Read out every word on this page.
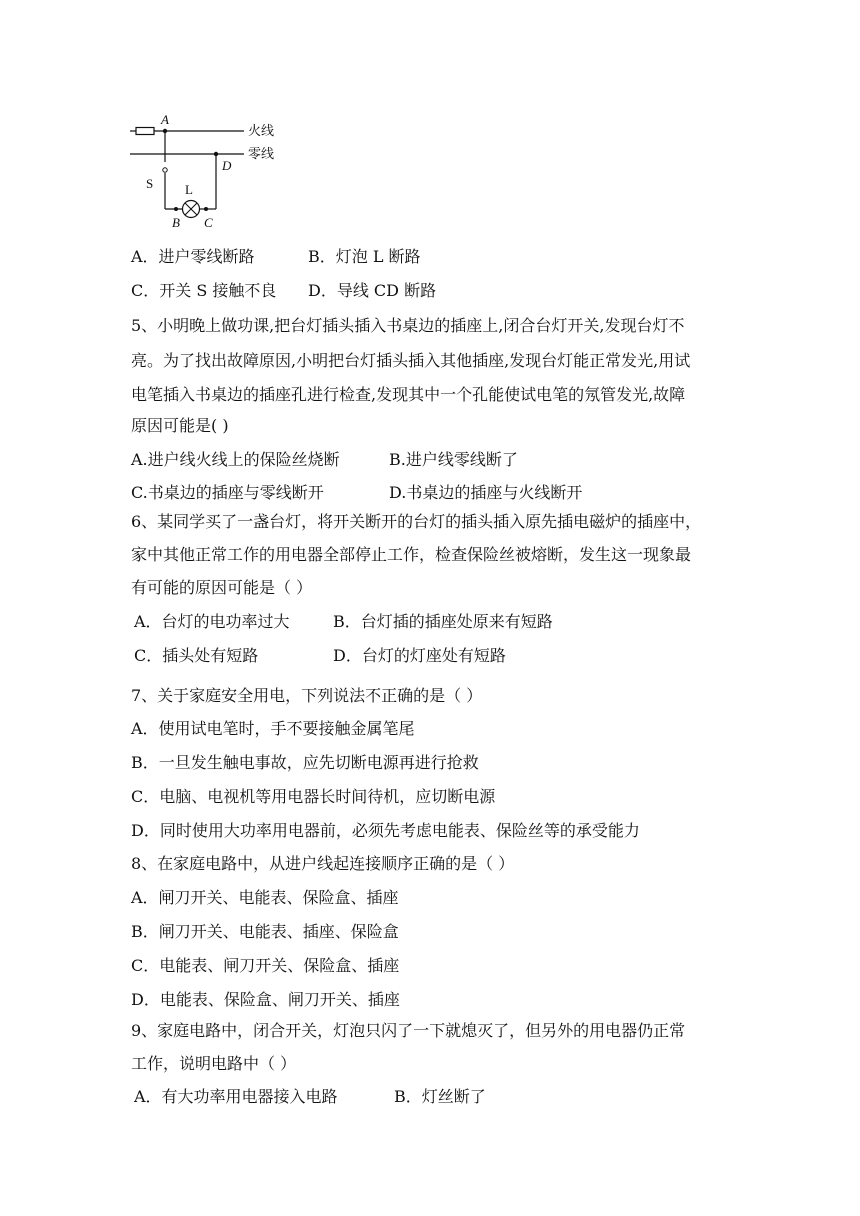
A
火线
零线
D
S L
B C
A．进户零线断路	B．灯泡 L 断路
C．开关 S 接触不良 D．导线 CD 断路
5、小明晚上做功课,把台灯插头插入书桌边的插座上,闭合台灯开关,发现台灯不
亮。为了找出故障原因,小明把台灯插头插入其他插座,发现台灯能正常发光,用试
电笔插入书桌边的插座孔进行检查,发现其中一个孔能使试电笔的氖管发光,故障
原因可能是( )
A.进户线火线上的保险丝烧断	B.进户线零线断了
C.书桌边的插座与零线断开	D.书桌边的插座与火线断开
6、某同学买了一盏台灯，将开关断开的台灯的插头插入原先插电磁炉的插座中，
家中其他正常工作的用电器全部停止工作，检查保险丝被熔断，发生这一现象最
有可能的原因可能是（ ）
A．台灯的电功率过大	B．台灯插的插座处原来有短路
C．插头处有短路	D．台灯的灯座处有短路
7、关于家庭安全用电，下列说法不正确的是（ ）
A．使用试电笔时，手不要接触金属笔尾
B．一旦发生触电事故，应先切断电源再进行抢救
C．电脑、电视机等用电器长时间待机，应切断电源
D．同时使用大功率用电器前，必须先考虑电能表、保险丝等的承受能力
8、在家庭电路中，从进户线起连接顺序正确的是（ ）
A．闸刀开关、电能表、保险盒、插座
B．闸刀开关、电能表、插座、保险盒
C．电能表、闸刀开关、保险盒、插座
D．电能表、保险盒、闸刀开关、插座
9、家庭电路中，闭合开关，灯泡只闪了一下就熄灭了，但另外的用电器仍正常
工作，说明电路中（ ）
A．有大功率用电器接入电路	B．灯丝断了
